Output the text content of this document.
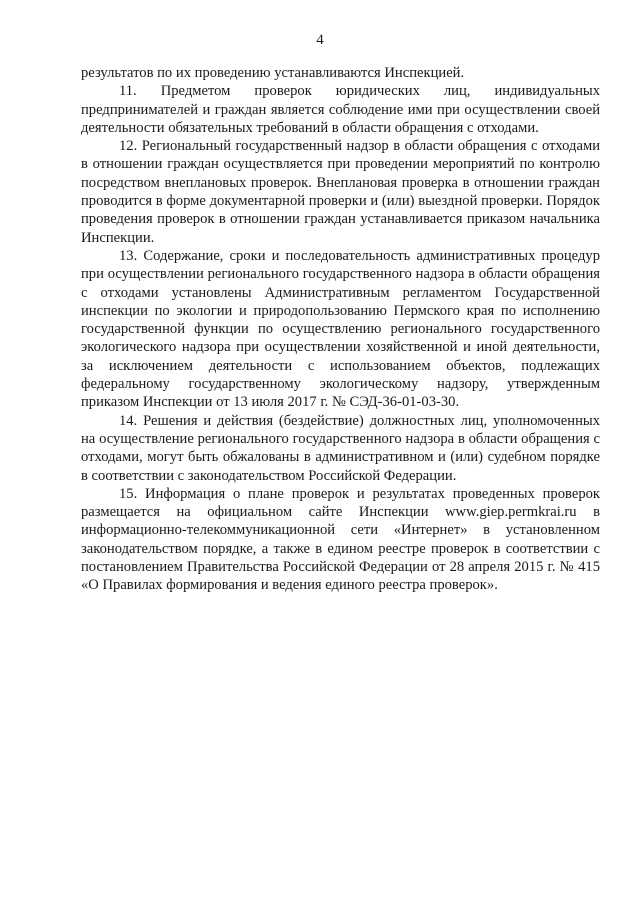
4

результатов по их проведению устанавливаются Инспекцией.

11. Предметом проверок юридических лиц, индивидуальных предпринимателей и граждан является соблюдение ими при осуществлении своей деятельности обязательных требований в области обращения с отходами.

12. Региональный государственный надзор в области обращения с отходами в отношении граждан осуществляется при проведении мероприятий по контролю посредством внеплановых проверок. Внеплановая проверка в отношении граждан проводится в форме документарной проверки и (или) выездной проверки. Порядок проведения проверок в отношении граждан устанавливается приказом начальника Инспекции.

13. Содержание, сроки и последовательность административных процедур при осуществлении регионального государственного надзора в области обращения с отходами установлены Административным регламентом Государственной инспекции по экологии и природопользованию Пермского края по исполнению государственной функции по осуществлению регионального государственного экологического надзора при осуществлении хозяйственной и иной деятельности, за исключением деятельности с использованием объектов, подлежащих федеральному государственному экологическому надзору, утвержденным приказом Инспекции от 13 июля 2017 г. № СЭД-36-01-03-30.

14. Решения и действия (бездействие) должностных лиц, уполномоченных на осуществление регионального государственного надзора в области обращения с отходами, могут быть обжалованы в административном и (или) судебном порядке в соответствии с законодательством Российской Федерации.

15. Информация о плане проверок и результатах проведенных проверок размещается на официальном сайте Инспекции www.giep.permkrai.ru в информационно-телекоммуникационной сети «Интернет» в установленном законодательством порядке, а также в едином реестре проверок в соответствии с постановлением Правительства Российской Федерации от 28 апреля 2015 г. № 415 «О Правилах формирования и ведения единого реестра проверок».
